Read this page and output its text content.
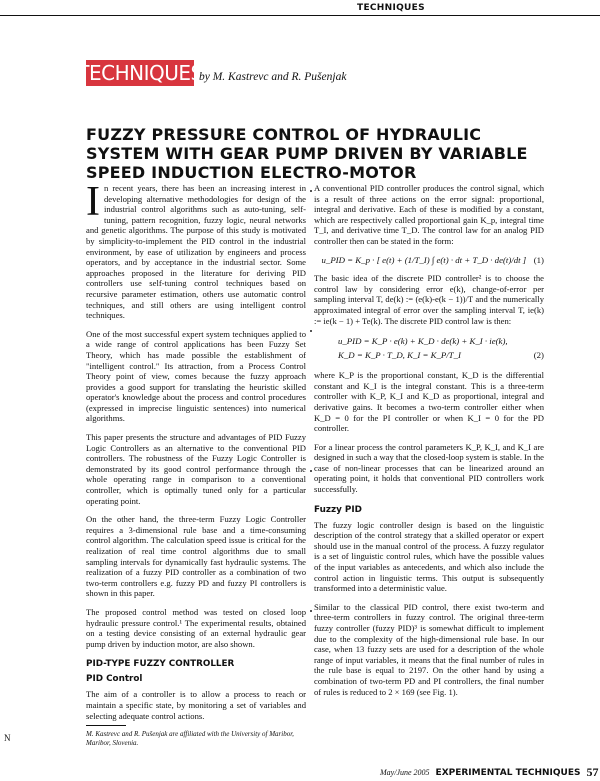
TECHNIQUES
TECHNIQUES
by M. Kastrevc and R. Pušenjak
FUZZY PRESSURE CONTROL OF HYDRAULIC SYSTEM WITH GEAR PUMP DRIVEN BY VARIABLE SPEED INDUCTION ELECTRO-MOTOR

In recent years, there has been an increasing interest in developing alternative methodologies for design of the industrial control algorithms such as auto-tuning, self-tuning, pattern recognition, fuzzy logic, neural networks and genetic algorithms. The purpose of this study is motivated by simplicity-to-implement the PID control in the industrial environment, by ease of utilization by engineers and process operators, and by acceptance in the industrial sector. Some approaches proposed in the literature for deriving PID controllers use self-tuning control techniques based on recursive parameter estimation, others use automatic control techniques, and still others are using intelligent control techniques.

One of the most successful expert system techniques applied to a wide range of control applications has been Fuzzy Set Theory, which has made possible the establishment of "intelligent control." Its attraction, from a Process Control Theory point of view, comes because the fuzzy approach provides a good support for translating the heuristic skilled operator's knowledge about the process and control procedures (expressed in imprecise linguistic sentences) into numerical algorithms.

This paper presents the structure and advantages of PID Fuzzy Logic Controllers as an alternative to the conventional PID controllers. The robustness of the Fuzzy Logic Controller is demonstrated by its good control performance through the whole operating range in comparison to a conventional controller, which is optimally tuned only for a particular operating point.

On the other hand, the three-term Fuzzy Logic Controller requires a 3-dimensional rule base and a time-consuming control algorithm. The calculation speed issue is critical for the realization of real time control algorithms due to small sampling intervals for dynamically fast hydraulic systems. The realization of a fuzzy PID controller as a combination of two two-term controllers e.g. fuzzy PD and fuzzy PI controllers is shown in this paper.

The proposed control method was tested on closed loop hydraulic pressure control.¹ The experimental results, obtained on a testing device consisting of an external hydraulic gear pump driven by induction motor, are also shown.

PID-TYPE FUZZY CONTROLLER
PID Control

The aim of a controller is to allow a process to reach or maintain a specific state, by monitoring a set of variables and selecting adequate control actions.

A conventional PID controller produces the control signal, which is a result of three actions on the error signal: proportional, integral and derivative. Each of these is modified by a constant, which are respectively called proportional gain K_p, integral time T_I, and derivative time T_D. The control law for an analog PID controller then can be stated in the form:

u_PID = K_p · [ e(t) + (1/T_I) ∫ e(t) · dt + T_D · de(t)/dt ] (1)

The basic idea of the discrete PID controller² is to choose the control law by considering error e(k), change-of-error per sampling interval T, de(k) := (e(k)-e(k − 1))/T and the numerically approximated integral of error over the sampling interval T, ie(k) := ie(k − 1) + Te(k). The discrete PID control law is then:

u_PID = K_P · e(k) + K_D · de(k) + K_I · ie(k),
K_D = K_P · T_D, K_I = K_P/T_I	(2)

where K_P is the proportional constant, K_D is the differential constant and K_I is the integral constant. This is a three-term controller with K_P, K_I and K_D as proportional, integral and derivative gains. It becomes a two-term controller either when K_D = 0 for the PI controller or when K_I = 0 for the PD controller.

For a linear process the control parameters K_P, K_I, and K_I are designed in such a way that the closed-loop system is stable. In the case of non-linear processes that can be linearized around an operating point, it holds that conventional PID controllers work successfully.

Fuzzy PID

The fuzzy logic controller design is based on the linguistic description of the control strategy that a skilled operator or expert should use in the manual control of the process. A fuzzy regulator is a set of linguistic control rules, which have the possible values of the input variables as antecedents, and which also include the control action in linguistic terms. This output is subsequently transformed into a deterministic value.

Similar to the classical PID control, there exist two-term and three-term controllers in fuzzy control. The original three-term fuzzy controller (fuzzy PID)³ is somewhat difficult to implement due to the complexity of the high-dimensional rule base. In our case, when 13 fuzzy sets are used for a description of the whole range of input variables, it means that the final number of rules in the rule base is equal to 2197. On the other hand by using a combination of two-term PD and PI controllers, the final number of rules is reduced to 2 × 169 (see Fig. 1).

M. Kastrevc and R. Pušenjak are affiliated with the University of Maribor, Maribor, Slovenia.
N
May/June 2005 EXPERIMENTAL TECHNIQUES 57
